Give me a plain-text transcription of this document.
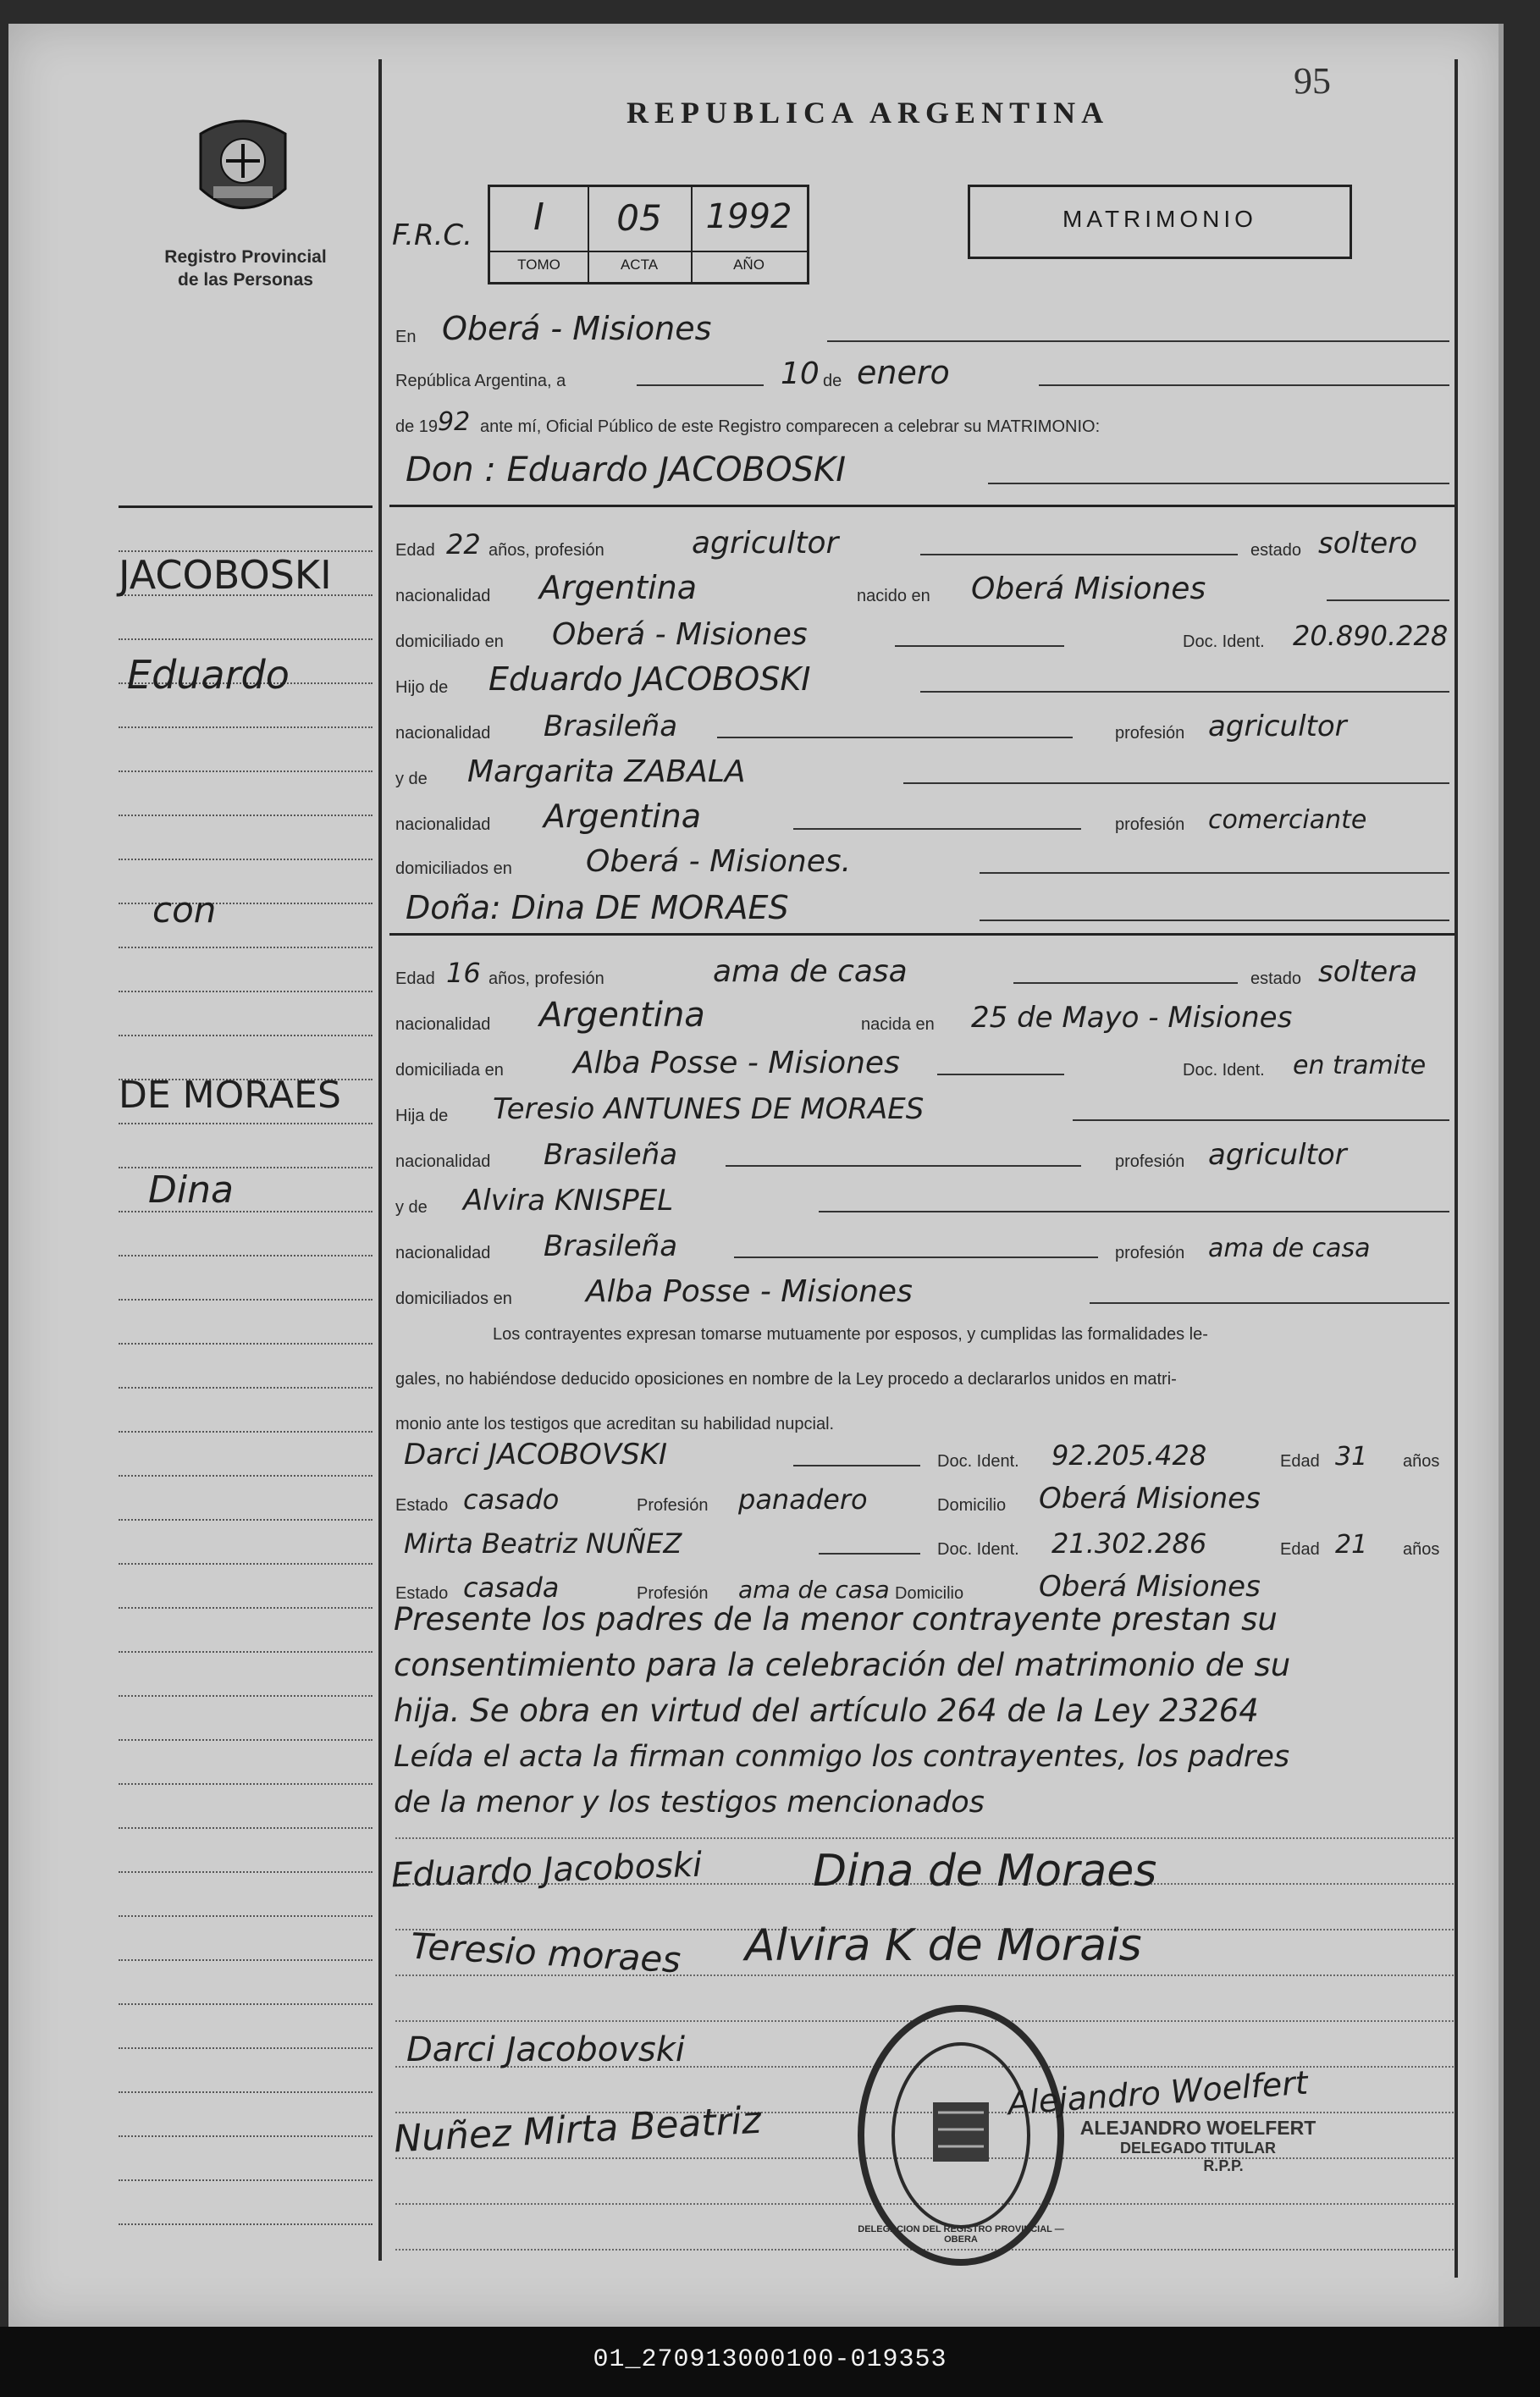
95
Registro Provincial
de las Personas
REPUBLICA ARGENTINA
F.R.C.	I	05	1992
TOMO	ACTA	AÑO
MATRIMONIO
JACOBOSKI
Eduardo
con
DE MORAES
Dina
En Oberá - Misiones
República Argentina, a	10 de enero
de 19 92 ante mí, Oficial Público de este Registro comparecen a celebrar su MATRIMONIO:
Don : Eduardo JACOBOSKI
Edad 22 años, profesión	agricultor	estado soltero
nacionalidad Argentina	nacido en Oberá Misiones
domiciliado en Oberá - Misiones	Doc. Ident. 20.890.228
Hijo de Eduardo JACOBOSKI
nacionalidad Brasileña	profesión agricultor
y de Margarita ZABALA
nacionalidad Argentina	profesión comerciante
domiciliados en Oberá - Misiones.
Doña: Dina DE MORAES
Edad 16 años, profesión	ama de casa	estado soltera
nacionalidad Argentina	nacida en 25 de Mayo - Misiones
domiciliada en Alba Posse - Misiones	Doc. Ident. en tramite
Hija de Teresio ANTUNES DE MORAES
nacionalidad Brasileña	profesión agricultor
y de Alvira KNISPEL
nacionalidad Brasileña	profesión ama de casa
domiciliados en Alba Posse - Misiones
Los contrayentes expresan tomarse mutuamente por esposos, y cumplidas las formalidades le-
gales, no habiéndose deducido oposiciones en nombre de la Ley procedo a declararlos unidos en matri-
monio ante los testigos que acreditan su habilidad nupcial.
Darci JACOBOVSKI	Doc. Ident. 92.205.428	Edad 31 años
Estado casado	Profesión panadero	Domicilio Oberá Misiones
Mirta Beatriz NUÑEZ	Doc. Ident. 21.302.286	Edad 21 años
Estado casada	Profesión ama de casa Domicilio	Oberá Misiones
Presente los padres de la menor contrayente prestan su
consentimiento para la celebración del matrimonio de su
hija. Se obra en virtud del artículo 264 de la Ley 23264
Leída el acta la firman conmigo los contrayentes, los padres
de la menor y los testigos mencionados
Eduardo Jacoboski Dina de Moraes
Teresio moraes Alvira K de Morais
Darci Jacobovski
Nuñez Mirta Beatriz
DELEGACION DEL REGISTRO PROVINCIAL — OBERA
Alejandro Woelfert
ALEJANDRO WOELFERT
DELEGADO TITULAR
R.P.P.
01_270913000100-019353
